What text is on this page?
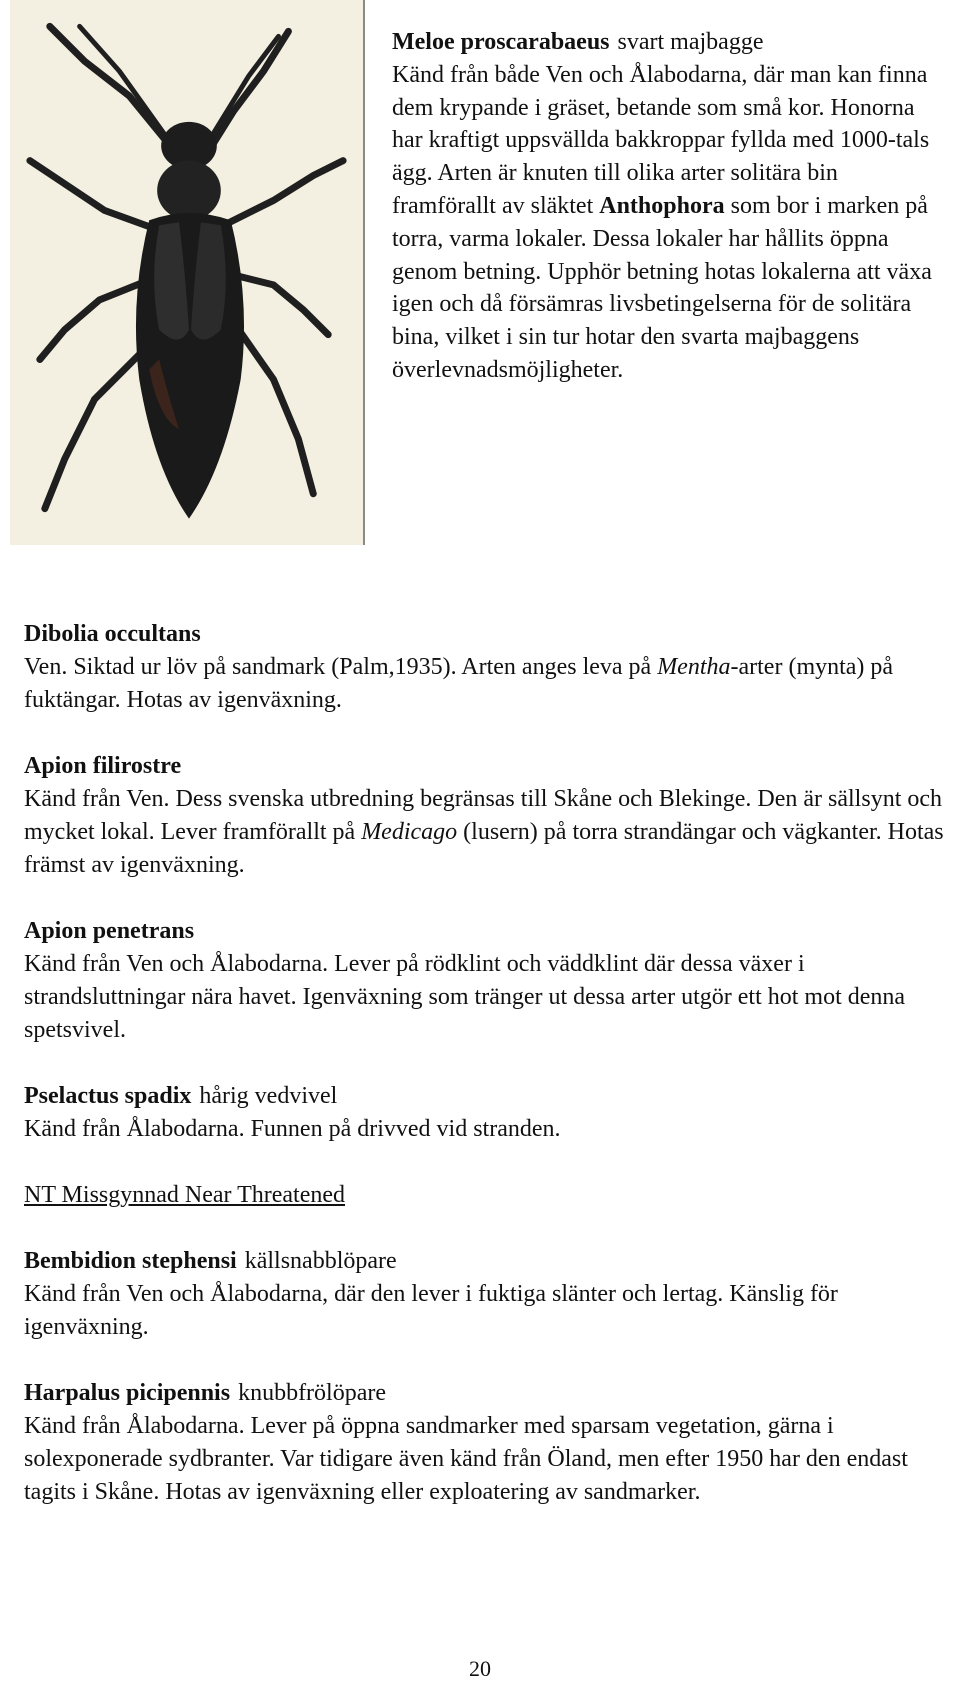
Meloe proscarabaeus svart majbagge
Känd från både Ven och Ålabodarna, där man kan finna dem krypande i gräset, betande som små kor. Honorna har kraftigt uppsvällda bakkroppar fyllda med 1000-tals ägg. Arten är knuten till olika arter solitära bin framförallt av släktet Anthophora som bor i marken på torra, varma lokaler. Dessa lokaler har hållits öppna genom betning. Upphör betning hotas lokalerna att växa igen och då försämras livsbetingelserna för de solitära bina, vilket i sin tur hotar den svarta majbaggens överlevnadsmöjligheter.

Dibolia occultans

Ven. Siktad ur löv på sandmark (Palm,1935). Arten anges leva på Mentha-arter (mynta) på fuktängar. Hotas av igenväxning.

Apion filirostre

Känd från Ven. Dess svenska utbredning begränsas till Skåne och Blekinge. Den är sällsynt och mycket lokal. Lever framförallt på Medicago (lusern) på torra strandängar och vägkanter. Hotas främst av igenväxning.

Apion penetrans

Känd från Ven och Ålabodarna. Lever på rödklint och väddklint där dessa växer i strandsluttningar nära havet. Igenväxning som tränger ut dessa arter utgör ett hot mot denna spetsvivel.

Pselactus spadix hårig vedvivel

Känd från Ålabodarna. Funnen på drivved vid stranden.

NT Missgynnad Near Threatened

Bembidion stephensi källsnabblöpare

Känd från Ven och Ålabodarna, där den lever i fuktiga slänter och lertag. Känslig för igenväxning.

Harpalus picipennis knubbfrölöpare

Känd från Ålabodarna. Lever på öppna sandmarker med sparsam vegetation, gärna i solexponerade sydbranter. Var tidigare även känd från Öland, men efter 1950 har den endast tagits i Skåne. Hotas av igenväxning eller exploatering av sandmarker.

20
